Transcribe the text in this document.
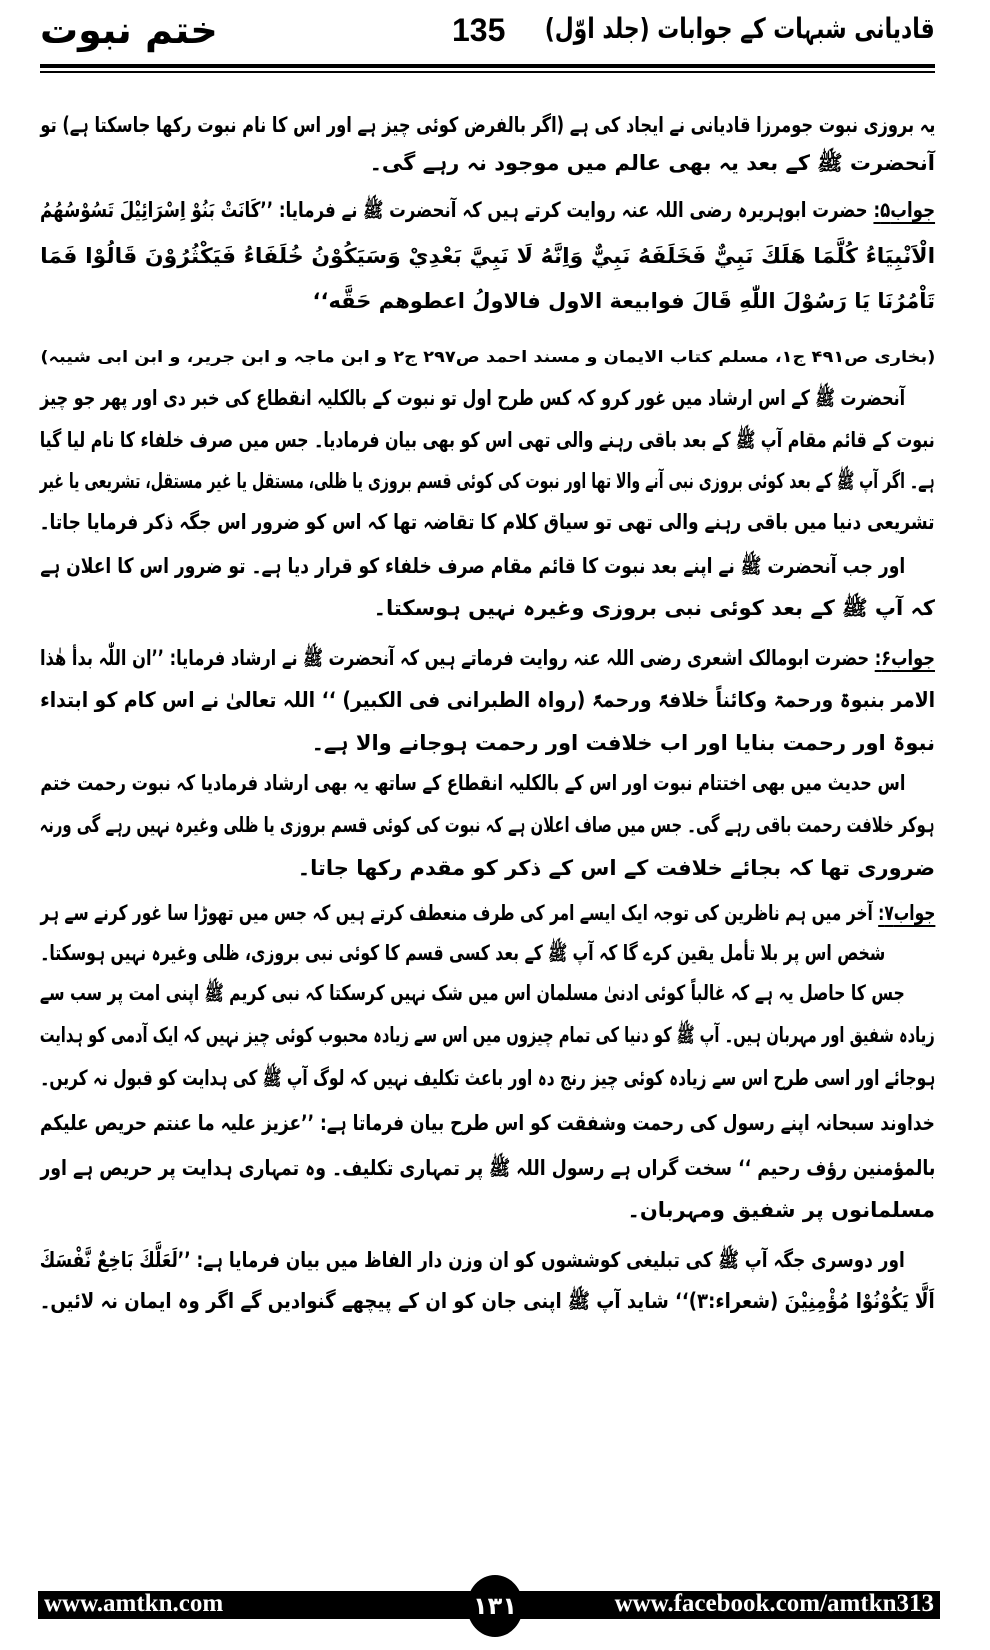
ختم نبوت	135 قادیانی شبہات کے جوابات (جلد اوّل)
یہ بروزی نبوت جومرزا قادیانی نے ایجاد کی ہے (اگر بالفرض کوئی چیز ہے اور اس کا نام نبوت رکھا جاسکتا ہے) تو
آنحضرت ﷺ کے بعد یہ بھی عالم میں موجود نہ رہے گی۔
جواب۵: حضرت ابوہریرہ رضی اللہ عنہ روایت کرتے ہیں کہ آنحضرت ﷺ نے فرمایا: ’’كَانَتْ بَنُوْ اِسْرَائِيْلَ تَسُوْسُهُمُ
الْاَنْبِيَاءُ كُلَّمَا هَلَكَ نَبِيٌّ فَخَلَفَهُ نَبِيٌّ وَاِنَّهُ لَا نَبِيَّ بَعْدِيْ وَسَيَكُوْنُ خُلَفَاءُ فَيَكْثُرُوْنَ قَالُوْا فَمَا
تَاْمُرُنَا يَا رَسُوْلَ اللّٰهِ قَالَ فوابيعة الاول فالاولُ اعطوهم حَقَّه‘‘
(بخاری ص۴۹۱ ج۱، مسلم کتاب الایمان و مسند احمد ص۲۹۷ ج۲ و ابن ماجہ و ابن جریر، و ابن ابی شیبہ)
آنحضرت ﷺ کے اس ارشاد میں غور کرو کہ کس طرح اول تو نبوت کے بالکلیہ انقطاع کی خبر دی اور پھر جو چیز
نبوت کے قائم مقام آپ ﷺ کے بعد باقی رہنے والی تھی اس کو بھی بیان فرمادیا۔ جس میں صرف خلفاء کا نام لیا گیا
ہے۔ اگر آپ ﷺ کے بعد کوئی بروزی نبی آنے والا تھا اور نبوت کی کوئی قسم بروزی یا ظلی، مستقل یا غیر مستقل، تشریعی یا غیر
تشریعی دنیا میں باقی رہنے والی تھی تو سیاق کلام کا تقاضہ تھا کہ اس کو ضرور اس جگہ ذکر فرمایا جاتا۔
اور جب آنحضرت ﷺ نے اپنے بعد نبوت کا قائم مقام صرف خلفاء کو قرار دیا ہے۔ تو ضرور اس کا اعلان ہے
کہ آپ ﷺ کے بعد کوئی نبی بروزی وغیرہ نہیں ہوسکتا۔
جواب۶: حضرت ابومالک اشعری رضی اللہ عنہ روایت فرماتے ہیں کہ آنحضرت ﷺ نے ارشاد فرمایا: ’’ان اللّٰہ بدأ ھٰذا
الامر بنبوۃ ورحمۃ وکائناً خلافۃً ورحمۃً (رواہ الطبرانی فی الکبیر) ‘‘ اللہ تعالیٰ نے اس کام کو ابتداء
نبوۃ اور رحمت بنایا اور اب خلافت اور رحمت ہوجانے والا ہے۔
اس حدیث میں بھی اختتام نبوت اور اس کے بالکلیہ انقطاع کے ساتھ یہ بھی ارشاد فرمادیا کہ نبوت رحمت ختم
ہوکر خلافت رحمت باقی رہے گی۔ جس میں صاف اعلان ہے کہ نبوت کی کوئی قسم بروزی یا ظلی وغیرہ نہیں رہے گی ورنہ
ضروری تھا کہ بجائے خلافت کے اس کے ذکر کو مقدم رکھا جاتا۔
جواب۷: آخر میں ہم ناظرین کی توجہ ایک ایسے امر کی طرف منعطف کرتے ہیں کہ جس میں تھوڑا سا غور کرنے سے ہر
شخص اس پر بلا تأمل یقین کرے گا کہ آپ ﷺ کے بعد کسی قسم کا کوئی نبی بروزی، ظلی وغیرہ نہیں ہوسکتا۔
جس کا حاصل یہ ہے کہ غالباً کوئی ادنیٰ مسلمان اس میں شک نہیں کرسکتا کہ نبی کریم ﷺ اپنی امت پر سب سے
زیادہ شفیق اور مہربان ہیں۔ آپ ﷺ کو دنیا کی تمام چیزوں میں اس سے زیادہ محبوب کوئی چیز نہیں کہ ایک آدمی کو ہدایت
ہوجائے اور اسی طرح اس سے زیادہ کوئی چیز رنج دہ اور باعث تکلیف نہیں کہ لوگ آپ ﷺ کی ہدایت کو قبول نہ کریں۔
خداوند سبحانہ اپنے رسول کی رحمت وشفقت کو اس طرح بیان فرماتا ہے: ’’عزیز علیہ ما عنتم حریص علیکم
بالمؤمنین رؤف رحیم ‘‘ سخت گراں ہے رسول اللہ ﷺ پر تمہاری تکلیف۔ وہ تمہاری ہدایت پر حریص ہے اور
مسلمانوں پر شفیق ومہربان۔
اور دوسری جگہ آپ ﷺ کی تبلیغی کوششوں کو ان وزن دار الفاظ میں بیان فرمایا ہے: ’’لَعَلَّكَ بَاخِعٌ نَّفْسَكَ
اَلَّا يَكُوْنُوْا مُؤْمِنِيْنَ (شعراء:۳)‘‘ شاید آپ ﷺ اپنی جان کو ان کے پیچھے گنوادیں گے اگر وہ ایمان نہ لائیں۔
www.amtkn.com	www.facebook.com/amtkn313
۱۳۱
